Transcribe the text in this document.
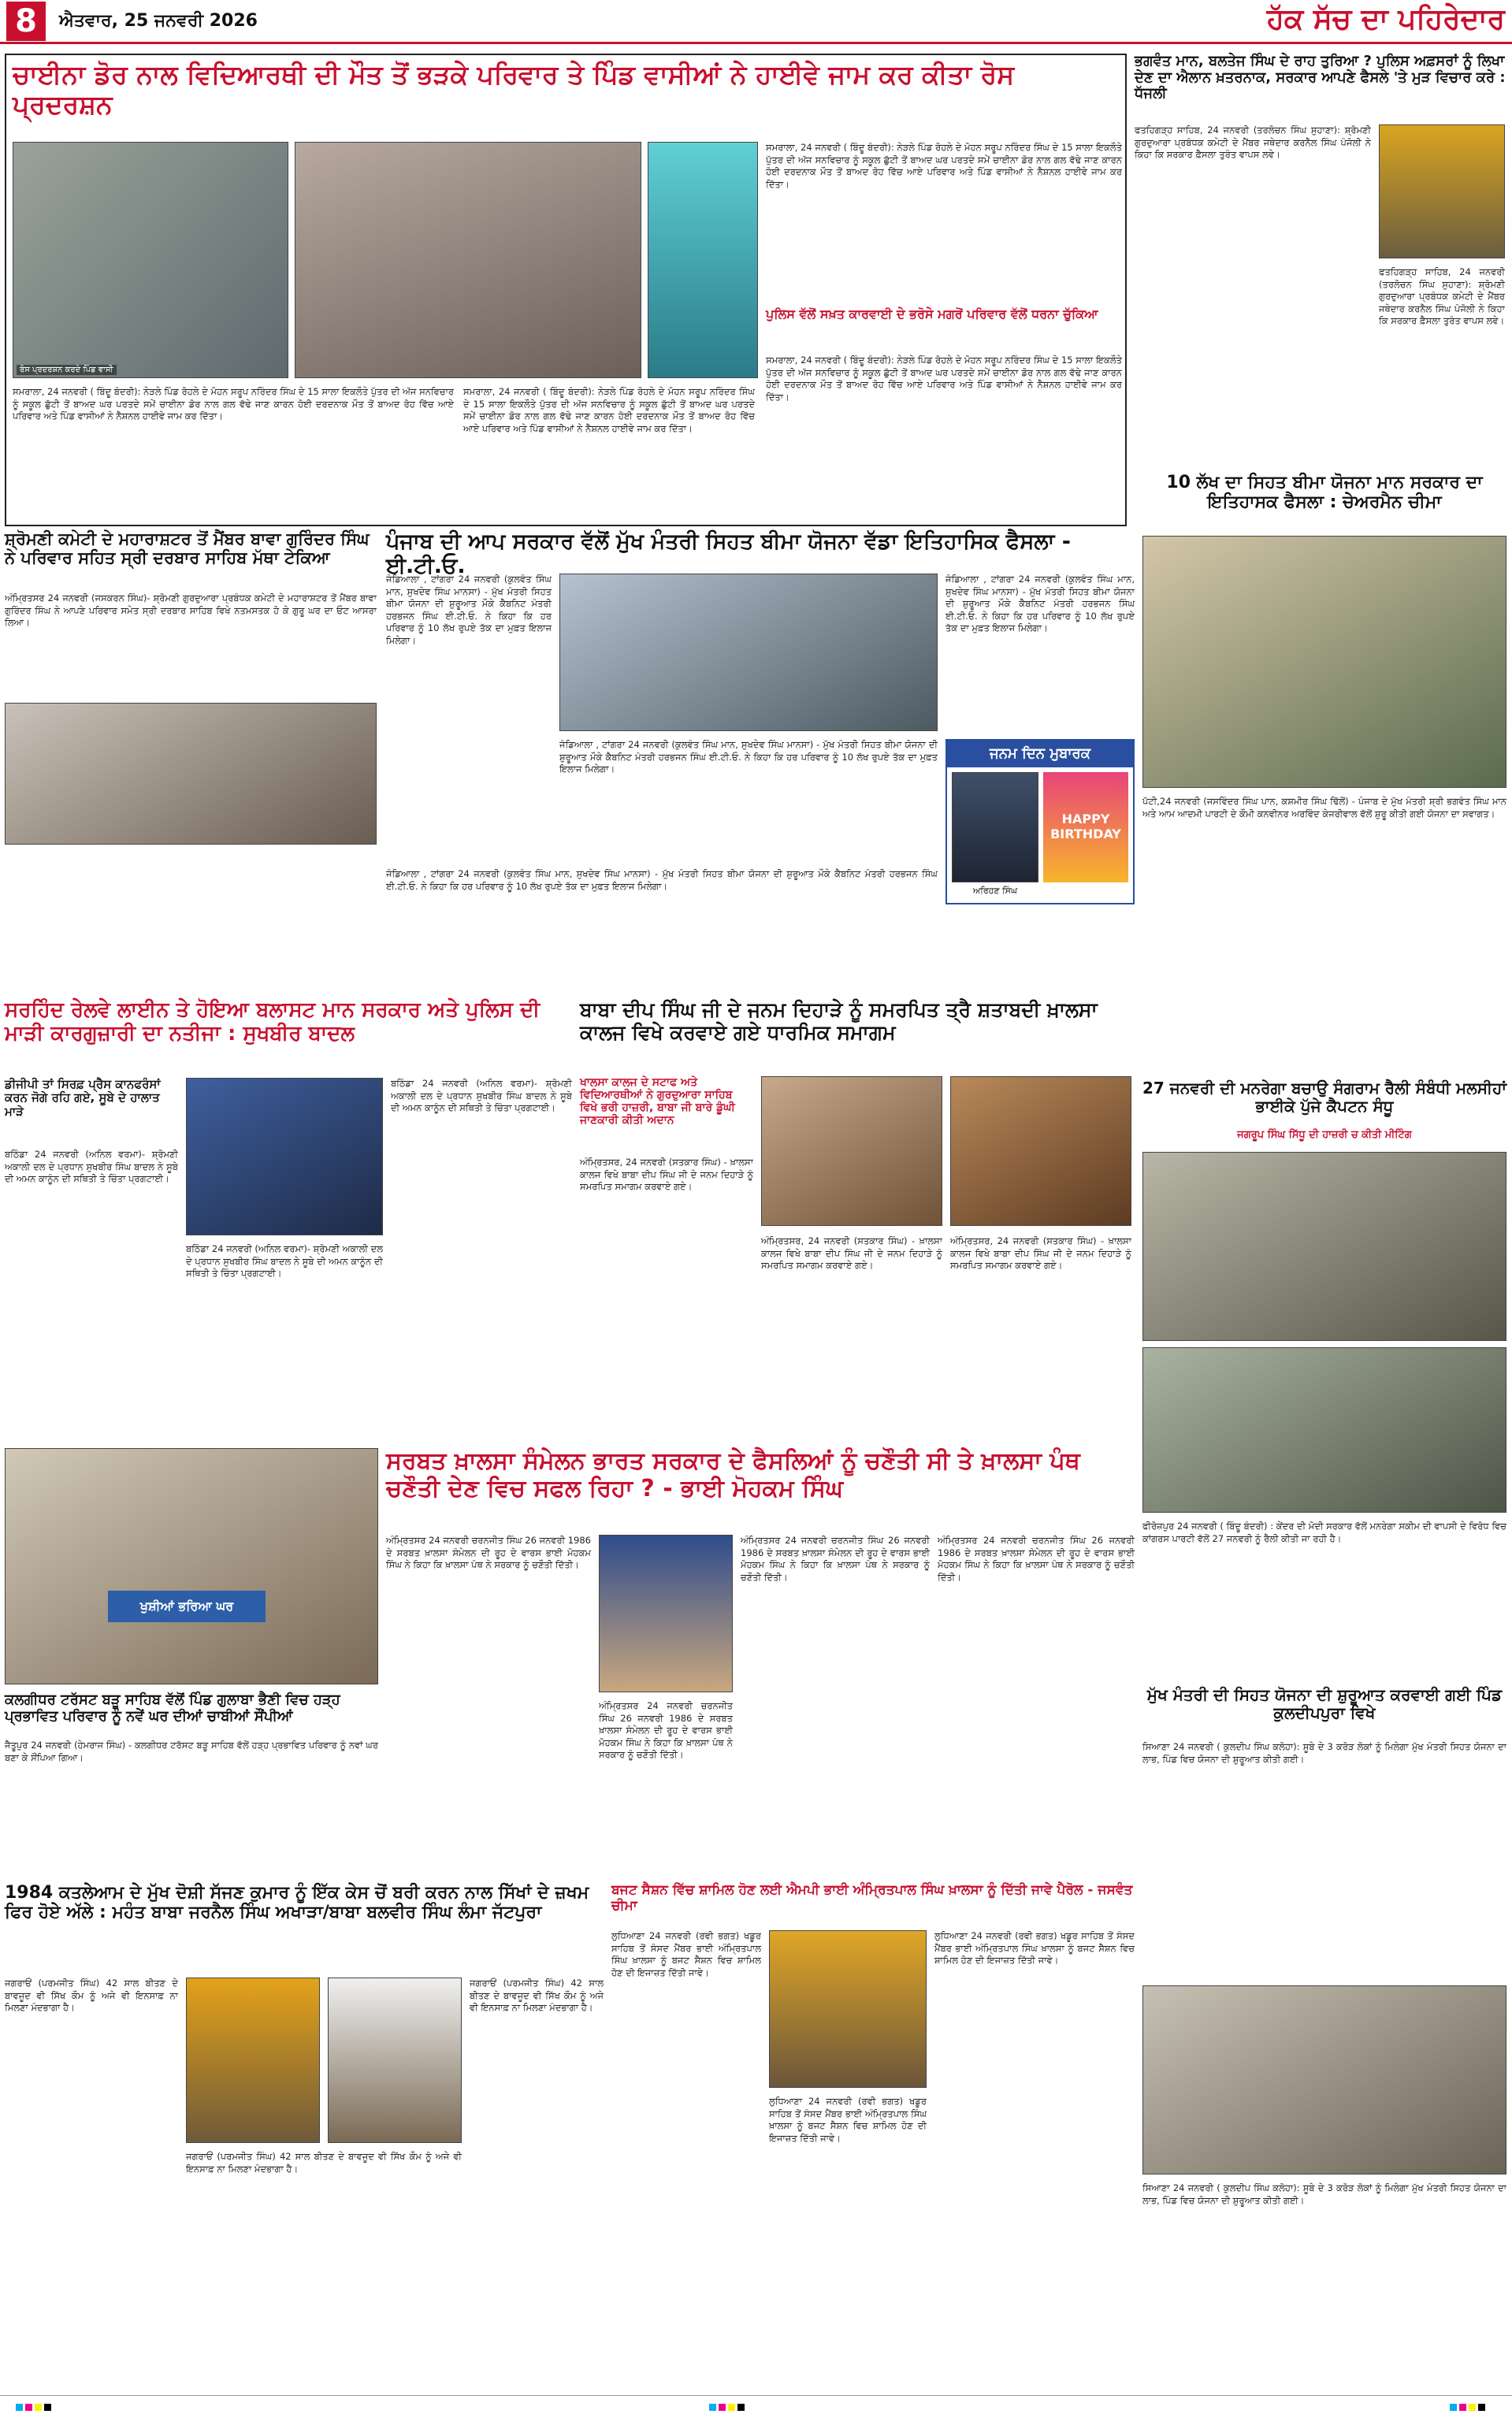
8	ਐਤਵਾਰ, 25 ਜਨਵਰੀ 2026	ਹੱਕ ਸੱਚ ਦਾ ਪਹਿਰੇਦਾਰ
ਚਾਈਨਾ ਡੋਰ ਨਾਲ ਵਿਦਿਆਰਥੀ ਦੀ ਮੌਤ ਤੋਂ ਭੜਕੇ ਪਰਿਵਾਰ ਤੇ ਪਿੰਡ ਵਾਸੀਆਂ ਨੇ ਹਾਈਵੇ ਜਾਮ ਕਰ ਕੀਤਾ ਰੋਸ ਪ੍ਰਦਰਸ਼ਨ
ਰੋਸ ਪ੍ਰਦਰਸ਼ਨ ਕਰਦੇ ਪਿੰਡ ਵਾਸੀ
ਸਮਰਾਲਾ, 24 ਜਨਵਰੀ ( ਬਿੰਦੂ ਬੰਦਰੀ): ਨੇੜਲੇ ਪਿੰਡ ਰੋਹਲੇ ਦੇ ਮੋਹਨ ਸਰੂਪ ਨਰਿੰਦਰ ਸਿੰਘ ਦੇ 15 ਸਾਲਾ ਇਕਲੌਤੇ ਪੁੱਤਰ ਦੀ ਅੱਜ ਸਨਵਿਚਾਰ ਨੂੰ ਸਕੂਲ ਛੁੱਟੀ ਤੋਂ ਬਾਅਦ ਘਰ ਪਰਤਦੇ ਸਮੇਂ ਚਾਈਨਾ ਡੋਰ ਨਾਲ ਗਲ ਵੱਢੇ ਜਾਣ ਕਾਰਨ ਹੋਈ ਦਰਦਨਾਕ ਮੌਤ ਤੋਂ ਬਾਅਦ ਰੋਹ ਵਿੱਚ ਆਏ ਪਰਿਵਾਰ ਅਤੇ ਪਿੰਡ ਵਾਸੀਆਂ ਨੇ ਨੈਸ਼ਨਲ ਹਾਈਵੇ ਜਾਮ ਕਰ ਦਿੱਤਾ।
ਸਮਰਾਲਾ, 24 ਜਨਵਰੀ ( ਬਿੰਦੂ ਬੰਦਰੀ): ਨੇੜਲੇ ਪਿੰਡ ਰੋਹਲੇ ਦੇ ਮੋਹਨ ਸਰੂਪ ਨਰਿੰਦਰ ਸਿੰਘ ਦੇ 15 ਸਾਲਾ ਇਕਲੌਤੇ ਪੁੱਤਰ ਦੀ ਅੱਜ ਸਨਵਿਚਾਰ ਨੂੰ ਸਕੂਲ ਛੁੱਟੀ ਤੋਂ ਬਾਅਦ ਘਰ ਪਰਤਦੇ ਸਮੇਂ ਚਾਈਨਾ ਡੋਰ ਨਾਲ ਗਲ ਵੱਢੇ ਜਾਣ ਕਾਰਨ ਹੋਈ ਦਰਦਨਾਕ ਮੌਤ ਤੋਂ ਬਾਅਦ ਰੋਹ ਵਿੱਚ ਆਏ ਪਰਿਵਾਰ ਅਤੇ ਪਿੰਡ ਵਾਸੀਆਂ ਨੇ ਨੈਸ਼ਨਲ ਹਾਈਵੇ ਜਾਮ ਕਰ ਦਿੱਤਾ।
ਪੁਲਿਸ ਵੱਲੋਂ ਸਖ਼ਤ ਕਾਰਵਾਈ ਦੇ ਭਰੋਸੇ ਮਗਰੋਂ ਪਰਿਵਾਰ ਵੱਲੋਂ ਧਰਨਾ ਚੁੱਕਿਆ
ਸਮਰਾਲਾ, 24 ਜਨਵਰੀ ( ਬਿੰਦੂ ਬੰਦਰੀ): ਨੇੜਲੇ ਪਿੰਡ ਰੋਹਲੇ ਦੇ ਮੋਹਨ ਸਰੂਪ ਨਰਿੰਦਰ ਸਿੰਘ ਦੇ 15 ਸਾਲਾ ਇਕਲੌਤੇ ਪੁੱਤਰ ਦੀ ਅੱਜ ਸਨਵਿਚਾਰ ਨੂੰ ਸਕੂਲ ਛੁੱਟੀ ਤੋਂ ਬਾਅਦ ਘਰ ਪਰਤਦੇ ਸਮੇਂ ਚਾਈਨਾ ਡੋਰ ਨਾਲ ਗਲ ਵੱਢੇ ਜਾਣ ਕਾਰਨ ਹੋਈ ਦਰਦਨਾਕ ਮੌਤ ਤੋਂ ਬਾਅਦ ਰੋਹ ਵਿੱਚ ਆਏ ਪਰਿਵਾਰ ਅਤੇ ਪਿੰਡ ਵਾਸੀਆਂ ਨੇ ਨੈਸ਼ਨਲ ਹਾਈਵੇ ਜਾਮ ਕਰ ਦਿੱਤਾ।
ਸਮਰਾਲਾ, 24 ਜਨਵਰੀ ( ਬਿੰਦੂ ਬੰਦਰੀ): ਨੇੜਲੇ ਪਿੰਡ ਰੋਹਲੇ ਦੇ ਮੋਹਨ ਸਰੂਪ ਨਰਿੰਦਰ ਸਿੰਘ ਦੇ 15 ਸਾਲਾ ਇਕਲੌਤੇ ਪੁੱਤਰ ਦੀ ਅੱਜ ਸਨਵਿਚਾਰ ਨੂੰ ਸਕੂਲ ਛੁੱਟੀ ਤੋਂ ਬਾਅਦ ਘਰ ਪਰਤਦੇ ਸਮੇਂ ਚਾਈਨਾ ਡੋਰ ਨਾਲ ਗਲ ਵੱਢੇ ਜਾਣ ਕਾਰਨ ਹੋਈ ਦਰਦਨਾਕ ਮੌਤ ਤੋਂ ਬਾਅਦ ਰੋਹ ਵਿੱਚ ਆਏ ਪਰਿਵਾਰ ਅਤੇ ਪਿੰਡ ਵਾਸੀਆਂ ਨੇ ਨੈਸ਼ਨਲ ਹਾਈਵੇ ਜਾਮ ਕਰ ਦਿੱਤਾ।
ਭਗਵੰਤ ਮਾਨ, ਬਲਤੇਜ ਸਿੰਘ ਦੇ ਰਾਹ ਤੁਰਿਆ ? ਪੁਲਿਸ ਅਫ਼ਸਰਾਂ ਨੂੰ ਲਿਖਾ ਦੇਣ ਦਾ ਐਲਾਨ ਖ਼ਤਰਨਾਕ, ਸਰਕਾਰ ਆਪਣੇ ਫੈਸਲੇ 'ਤੇ ਮੁੜ ਵਿਚਾਰ ਕਰੇ : ਧੱਜਲੀ
ਫਤਹਿਗੜ੍ਹ ਸਾਹਿਬ, 24 ਜਨਵਰੀ (ਤਰਲੋਚਨ ਸਿੰਘ ਸੁਹਾਣਾ): ਸ਼੍ਰੋਮਣੀ ਗੁਰਦੁਆਰਾ ਪ੍ਰਬੰਧਕ ਕਮੇਟੀ ਦੇ ਮੈਂਬਰ ਜਥੇਦਾਰ ਕਰਨੈਲ ਸਿੰਘ ਪੰਜੋਲੀ ਨੇ ਕਿਹਾ ਕਿ ਸਰਕਾਰ ਫ਼ੈਸਲਾ ਤੁਰੰਤ ਵਾਪਸ ਲਵੇ।
ਫਤਹਿਗੜ੍ਹ ਸਾਹਿਬ, 24 ਜਨਵਰੀ (ਤਰਲੋਚਨ ਸਿੰਘ ਸੁਹਾਣਾ): ਸ਼੍ਰੋਮਣੀ ਗੁਰਦੁਆਰਾ ਪ੍ਰਬੰਧਕ ਕਮੇਟੀ ਦੇ ਮੈਂਬਰ ਜਥੇਦਾਰ ਕਰਨੈਲ ਸਿੰਘ ਪੰਜੋਲੀ ਨੇ ਕਿਹਾ ਕਿ ਸਰਕਾਰ ਫ਼ੈਸਲਾ ਤੁਰੰਤ ਵਾਪਸ ਲਵੇ।
ਸ਼੍ਰੋਮਣੀ ਕਮੇਟੀ ਦੇ ਮਹਾਰਾਸ਼ਟਰ ਤੋਂ ਮੈਂਬਰ ਬਾਵਾ ਗੁਰਿੰਦਰ ਸਿੰਘ ਨੇ ਪਰਿਵਾਰ ਸਹਿਤ ਸ੍ਰੀ ਦਰਬਾਰ ਸਾਹਿਬ ਮੱਥਾ ਟੇਕਿਆ
ਅੰਮ੍ਰਿਤਸਰ 24 ਜਨਵਰੀ (ਜਸਕਰਨ ਸਿੰਘ)- ਸ਼੍ਰੋਮਣੀ ਗੁਰਦੁਆਰਾ ਪ੍ਰਬੰਧਕ ਕਮੇਟੀ ਦੇ ਮਹਾਰਾਸ਼ਟਰ ਤੋਂ ਮੈਂਬਰ ਬਾਵਾ ਗੁਰਿੰਦਰ ਸਿੰਘ ਨੇ ਆਪਣੇ ਪਰਿਵਾਰ ਸਮੇਤ ਸ੍ਰੀ ਦਰਬਾਰ ਸਾਹਿਬ ਵਿਖੇ ਨਤਮਸਤਕ ਹੋ ਕੇ ਗੁਰੂ ਘਰ ਦਾ ਓਟ ਆਸਰਾ ਲਿਆ।
ਪੰਜਾਬ ਦੀ ਆਪ ਸਰਕਾਰ ਵੱਲੋਂ ਮੁੱਖ ਮੰਤਰੀ ਸਿਹਤ ਬੀਮਾ ਯੋਜਨਾ ਵੱਡਾ ਇਤਿਹਾਸਿਕ ਫੈਸਲਾ - ਈ.ਟੀ.ਓ.
ਜੰਡਿਆਲਾ , ਟਾਂਗਰਾ 24 ਜਨਵਰੀ (ਕੁਲਵੰਤ ਸਿੰਘ ਮਾਨ, ਸੁਖਦੇਵ ਸਿੰਘ ਮਾਨਸਾ) - ਮੁੱਖ ਮੰਤਰੀ ਸਿਹਤ ਬੀਮਾ ਯੋਜਨਾ ਦੀ ਸ਼ੁਰੂਆਤ ਮੌਕੇ ਕੈਬਨਿਟ ਮੰਤਰੀ ਹਰਭਜਨ ਸਿੰਘ ਈ.ਟੀ.ਓ. ਨੇ ਕਿਹਾ ਕਿ ਹਰ ਪਰਿਵਾਰ ਨੂੰ 10 ਲੱਖ ਰੁਪਏ ਤੱਕ ਦਾ ਮੁਫ਼ਤ ਇਲਾਜ ਮਿਲੇਗਾ।
ਜੰਡਿਆਲਾ , ਟਾਂਗਰਾ 24 ਜਨਵਰੀ (ਕੁਲਵੰਤ ਸਿੰਘ ਮਾਨ, ਸੁਖਦੇਵ ਸਿੰਘ ਮਾਨਸਾ) - ਮੁੱਖ ਮੰਤਰੀ ਸਿਹਤ ਬੀਮਾ ਯੋਜਨਾ ਦੀ ਸ਼ੁਰੂਆਤ ਮੌਕੇ ਕੈਬਨਿਟ ਮੰਤਰੀ ਹਰਭਜਨ ਸਿੰਘ ਈ.ਟੀ.ਓ. ਨੇ ਕਿਹਾ ਕਿ ਹਰ ਪਰਿਵਾਰ ਨੂੰ 10 ਲੱਖ ਰੁਪਏ ਤੱਕ ਦਾ ਮੁਫ਼ਤ ਇਲਾਜ ਮਿਲੇਗਾ।
ਜੰਡਿਆਲਾ , ਟਾਂਗਰਾ 24 ਜਨਵਰੀ (ਕੁਲਵੰਤ ਸਿੰਘ ਮਾਨ, ਸੁਖਦੇਵ ਸਿੰਘ ਮਾਨਸਾ) - ਮੁੱਖ ਮੰਤਰੀ ਸਿਹਤ ਬੀਮਾ ਯੋਜਨਾ ਦੀ ਸ਼ੁਰੂਆਤ ਮੌਕੇ ਕੈਬਨਿਟ ਮੰਤਰੀ ਹਰਭਜਨ ਸਿੰਘ ਈ.ਟੀ.ਓ. ਨੇ ਕਿਹਾ ਕਿ ਹਰ ਪਰਿਵਾਰ ਨੂੰ 10 ਲੱਖ ਰੁਪਏ ਤੱਕ ਦਾ ਮੁਫ਼ਤ ਇਲਾਜ ਮਿਲੇਗਾ।
ਜਨਮ ਦਿਨ ਮੁਬਾਰਕ
HAPPY BIRTHDAY
ਅਰਿਹਣ ਸਿੰਘ
ਜੰਡਿਆਲਾ , ਟਾਂਗਰਾ 24 ਜਨਵਰੀ (ਕੁਲਵੰਤ ਸਿੰਘ ਮਾਨ, ਸੁਖਦੇਵ ਸਿੰਘ ਮਾਨਸਾ) - ਮੁੱਖ ਮੰਤਰੀ ਸਿਹਤ ਬੀਮਾ ਯੋਜਨਾ ਦੀ ਸ਼ੁਰੂਆਤ ਮੌਕੇ ਕੈਬਨਿਟ ਮੰਤਰੀ ਹਰਭਜਨ ਸਿੰਘ ਈ.ਟੀ.ਓ. ਨੇ ਕਿਹਾ ਕਿ ਹਰ ਪਰਿਵਾਰ ਨੂੰ 10 ਲੱਖ ਰੁਪਏ ਤੱਕ ਦਾ ਮੁਫ਼ਤ ਇਲਾਜ ਮਿਲੇਗਾ।
10 ਲੱਖ ਦਾ ਸਿਹਤ ਬੀਮਾ ਯੋਜਨਾ ਮਾਨ ਸਰਕਾਰ ਦਾ ਇਤਿਹਾਸਕ ਫੈਸਲਾ : ਚੇਅਰਮੈਨ ਚੀਮਾ
ਪੱਟੀ,24 ਜਨਵਰੀ (ਜਸਵਿੰਦਰ ਸਿੰਘ ਪਾਨ, ਕਸ਼ਮੀਰ ਸਿੰਘ ਢਿੱਲੋਂ) - ਪੰਜਾਬ ਦੇ ਮੁੱਖ ਮੰਤਰੀ ਸ਼੍ਰੀ ਭਗਵੰਤ ਸਿੰਘ ਮਾਨ ਅਤੇ ਆਮ ਆਦਮੀ ਪਾਰਟੀ ਦੇ ਕੌਮੀ ਕਨਵੀਨਰ ਅਰਵਿੰਦ ਕੇਜਰੀਵਾਲ ਵੱਲੋਂ ਸ਼ੁਰੂ ਕੀਤੀ ਗਈ ਯੋਜਨਾ ਦਾ ਸਵਾਗਤ।
ਸਰਹਿੰਦ ਰੇਲਵੇ ਲਾਈਨ ਤੇ ਹੋਇਆ ਬਲਾਸਟ ਮਾਨ ਸਰਕਾਰ ਅਤੇ ਪੁਲਿਸ ਦੀ ਮਾੜੀ ਕਾਰਗੁਜ਼ਾਰੀ ਦਾ ਨਤੀਜਾ : ਸੁਖਬੀਰ ਬਾਦਲ
ਡੀਜੀਪੀ ਤਾਂ ਸਿਰਫ਼ ਪ੍ਰੈਸ ਕਾਨਫਰੰਸਾਂ ਕਰਨ ਜੋਗੇ ਰਹਿ ਗਏ, ਸੂਬੇ ਦੇ ਹਾਲਾਤ ਮਾੜੇ
ਬਠਿੰਡਾ 24 ਜਨਵਰੀ (ਅਨਿਲ ਵਰਮਾ)- ਸ਼੍ਰੋਮਣੀ ਅਕਾਲੀ ਦਲ ਦੇ ਪ੍ਰਧਾਨ ਸੁਖਬੀਰ ਸਿੰਘ ਬਾਦਲ ਨੇ ਸੂਬੇ ਦੀ ਅਮਨ ਕਾਨੂੰਨ ਦੀ ਸਥਿਤੀ ਤੇ ਚਿੰਤਾ ਪ੍ਰਗਟਾਈ।
ਬਠਿੰਡਾ 24 ਜਨਵਰੀ (ਅਨਿਲ ਵਰਮਾ)- ਸ਼੍ਰੋਮਣੀ ਅਕਾਲੀ ਦਲ ਦੇ ਪ੍ਰਧਾਨ ਸੁਖਬੀਰ ਸਿੰਘ ਬਾਦਲ ਨੇ ਸੂਬੇ ਦੀ ਅਮਨ ਕਾਨੂੰਨ ਦੀ ਸਥਿਤੀ ਤੇ ਚਿੰਤਾ ਪ੍ਰਗਟਾਈ।
ਬਠਿੰਡਾ 24 ਜਨਵਰੀ (ਅਨਿਲ ਵਰਮਾ)- ਸ਼੍ਰੋਮਣੀ ਅਕਾਲੀ ਦਲ ਦੇ ਪ੍ਰਧਾਨ ਸੁਖਬੀਰ ਸਿੰਘ ਬਾਦਲ ਨੇ ਸੂਬੇ ਦੀ ਅਮਨ ਕਾਨੂੰਨ ਦੀ ਸਥਿਤੀ ਤੇ ਚਿੰਤਾ ਪ੍ਰਗਟਾਈ।
ਬਾਬਾ ਦੀਪ ਸਿੰਘ ਜੀ ਦੇ ਜਨਮ ਦਿਹਾੜੇ ਨੂੰ ਸਮਰਪਿਤ ਤ੍ਰੈ ਸ਼ਤਾਬਦੀ ਖ਼ਾਲਸਾ ਕਾਲਜ ਵਿਖੇ ਕਰਵਾਏ ਗਏ ਧਾਰਮਿਕ ਸਮਾਗਮ
ਖਾਲਸਾ ਕਾਲਜ ਦੇ ਸਟਾਫ ਅਤੇ ਵਿਦਿਆਰਥੀਆਂ ਨੇ ਗੁਰਦੁਆਰਾ ਸਾਹਿਬ ਵਿਖੇ ਭਰੀ ਹਾਜ਼ਰੀ, ਬਾਬਾ ਜੀ ਬਾਰੇ ਡੂੰਘੀ ਜਾਣਕਾਰੀ ਕੀਤੀ ਅਦਾਨ
ਅੰਮ੍ਰਿਤਸਰ, 24 ਜਨਵਰੀ (ਸਤਕਾਰ ਸਿੰਘ) - ਖ਼ਾਲਸਾ ਕਾਲਜ ਵਿਖੇ ਬਾਬਾ ਦੀਪ ਸਿੰਘ ਜੀ ਦੇ ਜਨਮ ਦਿਹਾੜੇ ਨੂੰ ਸਮਰਪਿਤ ਸਮਾਗਮ ਕਰਵਾਏ ਗਏ।
ਅੰਮ੍ਰਿਤਸਰ, 24 ਜਨਵਰੀ (ਸਤਕਾਰ ਸਿੰਘ) - ਖ਼ਾਲਸਾ ਕਾਲਜ ਵਿਖੇ ਬਾਬਾ ਦੀਪ ਸਿੰਘ ਜੀ ਦੇ ਜਨਮ ਦਿਹਾੜੇ ਨੂੰ ਸਮਰਪਿਤ ਸਮਾਗਮ ਕਰਵਾਏ ਗਏ।
ਅੰਮ੍ਰਿਤਸਰ, 24 ਜਨਵਰੀ (ਸਤਕਾਰ ਸਿੰਘ) - ਖ਼ਾਲਸਾ ਕਾਲਜ ਵਿਖੇ ਬਾਬਾ ਦੀਪ ਸਿੰਘ ਜੀ ਦੇ ਜਨਮ ਦਿਹਾੜੇ ਨੂੰ ਸਮਰਪਿਤ ਸਮਾਗਮ ਕਰਵਾਏ ਗਏ।
27 ਜਨਵਰੀ ਦੀ ਮਨਰੇਗਾ ਬਚਾਉ ਸੰਗਰਾਮ ਰੈਲੀ ਸੰਬੰਧੀ ਮਲਸੀਹਾਂ ਭਾਈਕੇ ਪੁੱਜੇ ਕੈਪਟਨ ਸੰਧੂ
ਜਗਰੂਪ ਸਿੰਘ ਸਿੱਧੂ ਦੀ ਹਾਜ਼ਰੀ ਚ ਕੀਤੀ ਮੀਟਿੰਗ
ਫੀਰੋਜ਼ਪੁਰ 24 ਜਨਵਰੀ ( ਬਿੰਦੂ ਬੰਦਰੀ) : ਕੇਂਦਰ ਦੀ ਮੋਦੀ ਸਰਕਾਰ ਵੱਲੋਂ ਮਨਰੇਗਾ ਸਕੀਮ ਦੀ ਵਾਪਸੀ ਦੇ ਵਿਰੋਧ ਵਿਚ ਕਾਂਗਰਸ ਪਾਰਟੀ ਵੱਲੋਂ 27 ਜਨਵਰੀ ਨੂੰ ਰੈਲੀ ਕੀਤੀ ਜਾ ਰਹੀ ਹੈ।
ਸਰਬਤ ਖ਼ਾਲਸਾ ਸੰਮੇਲਨ ਭਾਰਤ ਸਰਕਾਰ ਦੇ ਫੈਸਲਿਆਂ ਨੂੰ ਚਣੌਤੀ ਸੀ ਤੇ ਖ਼ਾਲਸਾ ਪੰਥ ਚਣੌਤੀ ਦੇਣ ਵਿਚ ਸਫਲ ਰਿਹਾ ? - ਭਾਈ ਮੋਹਕਮ ਸਿੰਘ
ਅੰਮ੍ਰਿਤਸਰ 24 ਜਨਵਰੀ ਚਰਨਜੀਤ ਸਿੰਘ 26 ਜਨਵਰੀ 1986 ਦੇ ਸਰਬਤ ਖ਼ਾਲਸਾ ਸੰਮੇਲਨ ਦੀ ਰੂਹ ਦੇ ਵਾਰਸ ਭਾਈ ਮੋਹਕਮ ਸਿੰਘ ਨੇ ਕਿਹਾ ਕਿ ਖ਼ਾਲਸਾ ਪੰਥ ਨੇ ਸਰਕਾਰ ਨੂੰ ਚਣੌਤੀ ਦਿੱਤੀ।
ਅੰਮ੍ਰਿਤਸਰ 24 ਜਨਵਰੀ ਚਰਨਜੀਤ ਸਿੰਘ 26 ਜਨਵਰੀ 1986 ਦੇ ਸਰਬਤ ਖ਼ਾਲਸਾ ਸੰਮੇਲਨ ਦੀ ਰੂਹ ਦੇ ਵਾਰਸ ਭਾਈ ਮੋਹਕਮ ਸਿੰਘ ਨੇ ਕਿਹਾ ਕਿ ਖ਼ਾਲਸਾ ਪੰਥ ਨੇ ਸਰਕਾਰ ਨੂੰ ਚਣੌਤੀ ਦਿੱਤੀ।
ਅੰਮ੍ਰਿਤਸਰ 24 ਜਨਵਰੀ ਚਰਨਜੀਤ ਸਿੰਘ 26 ਜਨਵਰੀ 1986 ਦੇ ਸਰਬਤ ਖ਼ਾਲਸਾ ਸੰਮੇਲਨ ਦੀ ਰੂਹ ਦੇ ਵਾਰਸ ਭਾਈ ਮੋਹਕਮ ਸਿੰਘ ਨੇ ਕਿਹਾ ਕਿ ਖ਼ਾਲਸਾ ਪੰਥ ਨੇ ਸਰਕਾਰ ਨੂੰ ਚਣੌਤੀ ਦਿੱਤੀ।
ਅੰਮ੍ਰਿਤਸਰ 24 ਜਨਵਰੀ ਚਰਨਜੀਤ ਸਿੰਘ 26 ਜਨਵਰੀ 1986 ਦੇ ਸਰਬਤ ਖ਼ਾਲਸਾ ਸੰਮੇਲਨ ਦੀ ਰੂਹ ਦੇ ਵਾਰਸ ਭਾਈ ਮੋਹਕਮ ਸਿੰਘ ਨੇ ਕਿਹਾ ਕਿ ਖ਼ਾਲਸਾ ਪੰਥ ਨੇ ਸਰਕਾਰ ਨੂੰ ਚਣੌਤੀ ਦਿੱਤੀ।
ਖੁਸ਼ੀਆਂ ਭਰਿਆ ਘਰ
ਕਲਗੀਧਰ ਟਰੱਸਟ ਬੜੂ ਸਾਹਿਬ ਵੱਲੋਂ ਪਿੰਡ ਗੁਲਾਬਾ ਭੈਣੀ ਵਿਚ ਹੜ੍ਹ ਪ੍ਰਭਾਵਿਤ ਪਰਿਵਾਰ ਨੂੰ ਨਵੇਂ ਘਰ ਦੀਆਂ ਚਾਬੀਆਂ ਸੌਂਪੀਆਂ
ਜੈਤੂਪੁਰ 24 ਜਨਵਰੀ (ਹੇਮਰਾਜ ਸਿੰਘ) - ਕਲਗੀਧਰ ਟਰੱਸਟ ਬੜੂ ਸਾਹਿਬ ਵੱਲੋਂ ਹੜ੍ਹ ਪ੍ਰਭਾਵਿਤ ਪਰਿਵਾਰ ਨੂੰ ਨਵਾਂ ਘਰ ਬਣਾ ਕੇ ਸੌਂਪਿਆ ਗਿਆ।
1984 ਕਤਲੇਆਮ ਦੇ ਮੁੱਖ ਦੋਸ਼ੀ ਸੱਜਣ ਕੁਮਾਰ ਨੂੰ ਇੱਕ ਕੇਸ ਚੋਂ ਬਰੀ ਕਰਨ ਨਾਲ ਸਿੱਖਾਂ ਦੇ ਜ਼ਖਮ ਫਿਰ ਹੋਏ ਅੱਲੇ : ਮਹੰਤ ਬਾਬਾ ਜਰਨੈਲ ਸਿੰਘ ਅਖਾੜਾ/ਬਾਬਾ ਬਲਵੀਰ ਸਿੰਘ ਲੰਮਾ ਜੱਟਪੁਰਾ
ਜਗਰਾਓਂ (ਪਰਮਜੀਤ ਸਿੰਘ) 42 ਸਾਲ ਬੀਤਣ ਦੇ ਬਾਵਜੂਦ ਵੀ ਸਿੱਖ ਕੌਮ ਨੂੰ ਅਜੇ ਵੀ ਇਨਸਾਫ਼ ਨਾ ਮਿਲਣਾ ਮੰਦਭਾਗਾ ਹੈ।
ਜਗਰਾਓਂ (ਪਰਮਜੀਤ ਸਿੰਘ) 42 ਸਾਲ ਬੀਤਣ ਦੇ ਬਾਵਜੂਦ ਵੀ ਸਿੱਖ ਕੌਮ ਨੂੰ ਅਜੇ ਵੀ ਇਨਸਾਫ਼ ਨਾ ਮਿਲਣਾ ਮੰਦਭਾਗਾ ਹੈ।
ਜਗਰਾਓਂ (ਪਰਮਜੀਤ ਸਿੰਘ) 42 ਸਾਲ ਬੀਤਣ ਦੇ ਬਾਵਜੂਦ ਵੀ ਸਿੱਖ ਕੌਮ ਨੂੰ ਅਜੇ ਵੀ ਇਨਸਾਫ਼ ਨਾ ਮਿਲਣਾ ਮੰਦਭਾਗਾ ਹੈ।
ਬਜਟ ਸੈਸ਼ਨ ਵਿੱਚ ਸ਼ਾਮਿਲ ਹੋਣ ਲਈ ਐਮਪੀ ਭਾਈ ਅੰਮ੍ਰਿਤਪਾਲ ਸਿੰਘ ਖ਼ਾਲਸਾ ਨੂੰ ਦਿੱਤੀ ਜਾਵੇ ਪੈਰੋਲ - ਜਸਵੰਤ ਚੀਮਾ
ਲੁਧਿਆਣਾ 24 ਜਨਵਰੀ (ਰਵੀ ਭਗਤ) ਖਡੂਰ ਸਾਹਿਬ ਤੋਂ ਸੰਸਦ ਮੈਂਬਰ ਭਾਈ ਅੰਮ੍ਰਿਤਪਾਲ ਸਿੰਘ ਖ਼ਾਲਸਾ ਨੂੰ ਬਜਟ ਸੈਸ਼ਨ ਵਿਚ ਸ਼ਾਮਿਲ ਹੋਣ ਦੀ ਇਜਾਜ਼ਤ ਦਿੱਤੀ ਜਾਵੇ।
ਲੁਧਿਆਣਾ 24 ਜਨਵਰੀ (ਰਵੀ ਭਗਤ) ਖਡੂਰ ਸਾਹਿਬ ਤੋਂ ਸੰਸਦ ਮੈਂਬਰ ਭਾਈ ਅੰਮ੍ਰਿਤਪਾਲ ਸਿੰਘ ਖ਼ਾਲਸਾ ਨੂੰ ਬਜਟ ਸੈਸ਼ਨ ਵਿਚ ਸ਼ਾਮਿਲ ਹੋਣ ਦੀ ਇਜਾਜ਼ਤ ਦਿੱਤੀ ਜਾਵੇ।
ਲੁਧਿਆਣਾ 24 ਜਨਵਰੀ (ਰਵੀ ਭਗਤ) ਖਡੂਰ ਸਾਹਿਬ ਤੋਂ ਸੰਸਦ ਮੈਂਬਰ ਭਾਈ ਅੰਮ੍ਰਿਤਪਾਲ ਸਿੰਘ ਖ਼ਾਲਸਾ ਨੂੰ ਬਜਟ ਸੈਸ਼ਨ ਵਿਚ ਸ਼ਾਮਿਲ ਹੋਣ ਦੀ ਇਜਾਜ਼ਤ ਦਿੱਤੀ ਜਾਵੇ।
ਮੁੱਖ ਮੰਤਰੀ ਦੀ ਸਿਹਤ ਯੋਜਨਾ ਦੀ ਸ਼ੁਰੂਆਤ ਕਰਵਾਈ ਗਈ ਪਿੰਡ ਕੁਲਦੀਪਪੁਰਾ ਵਿਖੇ
ਸਿਆਣਾ 24 ਜਨਵਰੀ ( ਕੁਲਦੀਪ ਸਿੰਘ ਕਲੋਹਾ): ਸੂਬੇ ਦੇ 3 ਕਰੋੜ ਲੋਕਾਂ ਨੂੰ ਮਿਲੇਗਾ ਮੁੱਖ ਮੰਤਰੀ ਸਿਹਤ ਯੋਜਨਾ ਦਾ ਲਾਭ, ਪਿੰਡ ਵਿਚ ਯੋਜਨਾ ਦੀ ਸ਼ੁਰੂਆਤ ਕੀਤੀ ਗਈ।
ਸਿਆਣਾ 24 ਜਨਵਰੀ ( ਕੁਲਦੀਪ ਸਿੰਘ ਕਲੋਹਾ): ਸੂਬੇ ਦੇ 3 ਕਰੋੜ ਲੋਕਾਂ ਨੂੰ ਮਿਲੇਗਾ ਮੁੱਖ ਮੰਤਰੀ ਸਿਹਤ ਯੋਜਨਾ ਦਾ ਲਾਭ, ਪਿੰਡ ਵਿਚ ਯੋਜਨਾ ਦੀ ਸ਼ੁਰੂਆਤ ਕੀਤੀ ਗਈ।
